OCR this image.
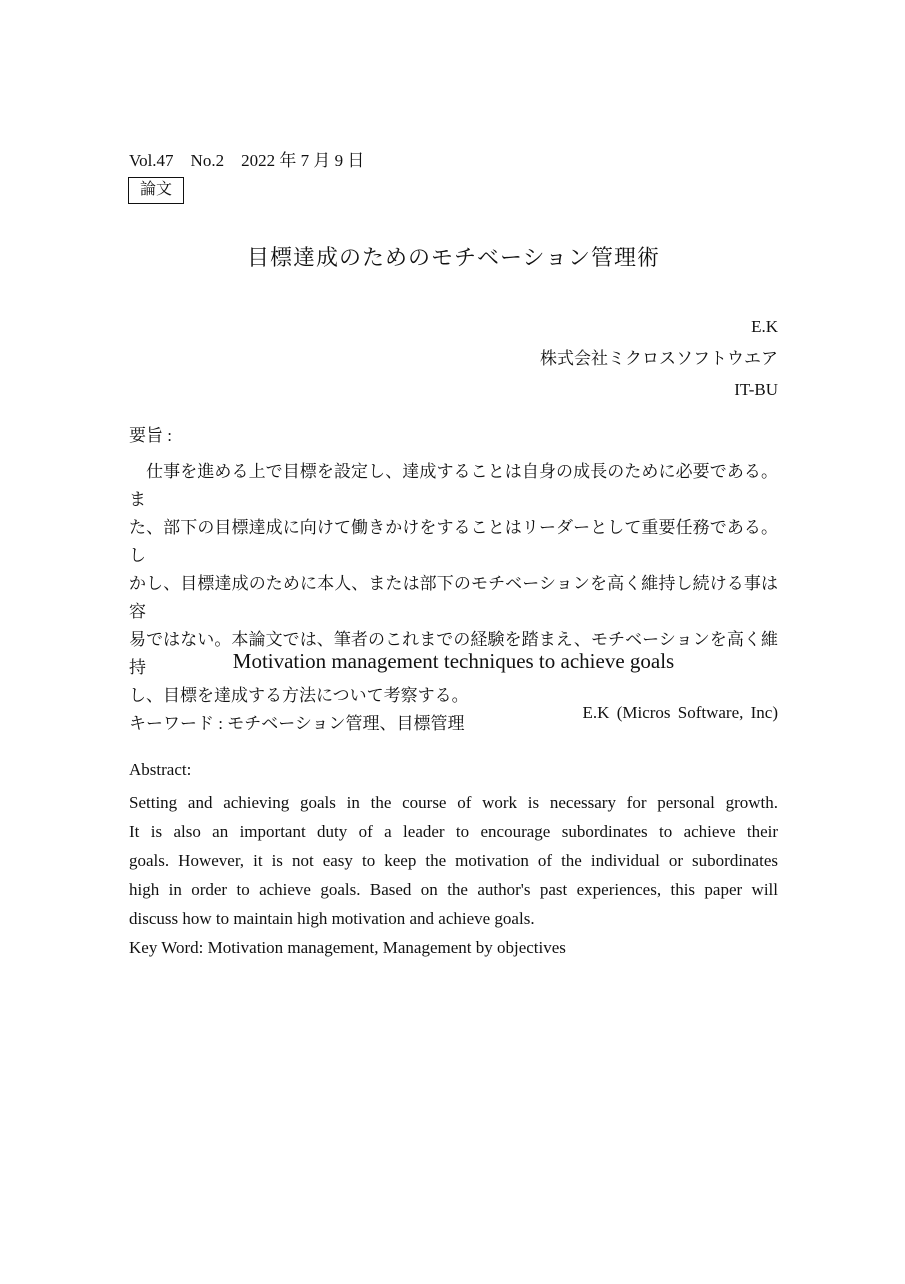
Vol.47　No.2　2022 年 7 月 9 日
論文
目標達成のためのモチベーション管理術
E.K
株式会社ミクロスソフトウエア
IT-BU
要旨 :
　仕事を進める上で目標を設定し、達成することは自身の成長のために必要である。ま
た、部下の目標達成に向けて働きかけをすることはリーダーとして重要任務である。し
かし、目標達成のために本人、または部下のモチベーションを高く維持し続ける事は容
易ではない。本論文では、筆者のこれまでの経験を踏まえ、モチベーションを高く維持
し、目標を達成する方法について考察する。
キーワード : モチベーション管理、目標管理
Motivation management techniques to achieve goals
E.K (Micros Software, Inc)
Abstract:
Setting and achieving goals in the course of work is necessary for personal growth.
It is also an important duty of a leader to encourage subordinates to achieve their
goals. However, it is not easy to keep the motivation of the individual or subordinates
high in order to achieve goals. Based on the author's past experiences, this paper will
discuss how to maintain high motivation and achieve goals.
Key Word: Motivation management, Management by objectives
